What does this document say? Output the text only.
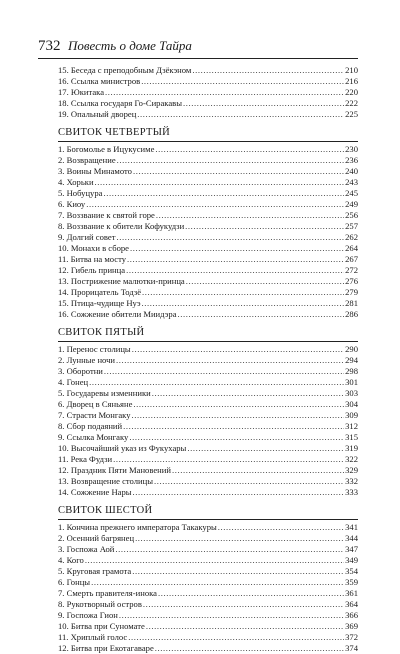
732 Повесть о доме Тайра
15. Беседа с преподобным Дзёкэном .....	210
16. Ссылка министров .....	216
17. Юкитака .....	220
18. Ссылка государя Го-Сиракавы .....	222
19. Опальный дворец .....	225
СВИТОК ЧЕТВЕРТЫЙ
1. Богомолье в Ицукусиме .....	230
2. Возвращение .....	236
3. Воины Минамото .....	240
4. Хорьки .....	243
5. Нобуцура .....	245
6. Киоу .....	249
7. Воззвание к святой горе .....	256
8. Воззвание к обители Кофукудзи .....	257
9. Долгий совет .....	262
10. Монахи в сборе .....	264
11. Битва на мосту .....	267
12. Гибель принца .....	272
13. Пострижение малютки-принца .....	276
14. Прорицатель Тодзё .....	279
15. Птица-чудище Нуэ .....	281
16. Сожжение обители Миидэра .....	286
СВИТОК ПЯТЫЙ
1. Перенос столицы .....	290
2. Лунные ночи .....	294
3. Оборотни .....	298
4. Гонец .....	301
5. Государевы изменники .....	303
6. Дворец в Сяньяне .....	304
7. Страсти Монгаку .....	309
8. Сбор подаяний .....	312
9. Ссылка Монгаку .....	315
10. Высочайший указ из Фукухары .....	319
11. Река Фудзи .....	322
12. Праздник Пяти Мановений .....	329
13. Возвращение столицы .....	332
14. Сожжение Нары .....	333
СВИТОК ШЕСТОЙ
1. Кончина прежнего императора Такакуры .....	341
2. Осенний багрянец .....	344
3. Госпожа Аой .....	347
4. Кого .....	349
5. Круговая грамота .....	354
6. Гонцы .....	359
7. Смерть правителя-инока .....	361
8. Рукотворный остров .....	364
9. Госпожа Гион .....	366
10. Битва при Суномате .....	369
11. Хриплый голос .....	372
12. Битва при Екотагаваре .....	374
